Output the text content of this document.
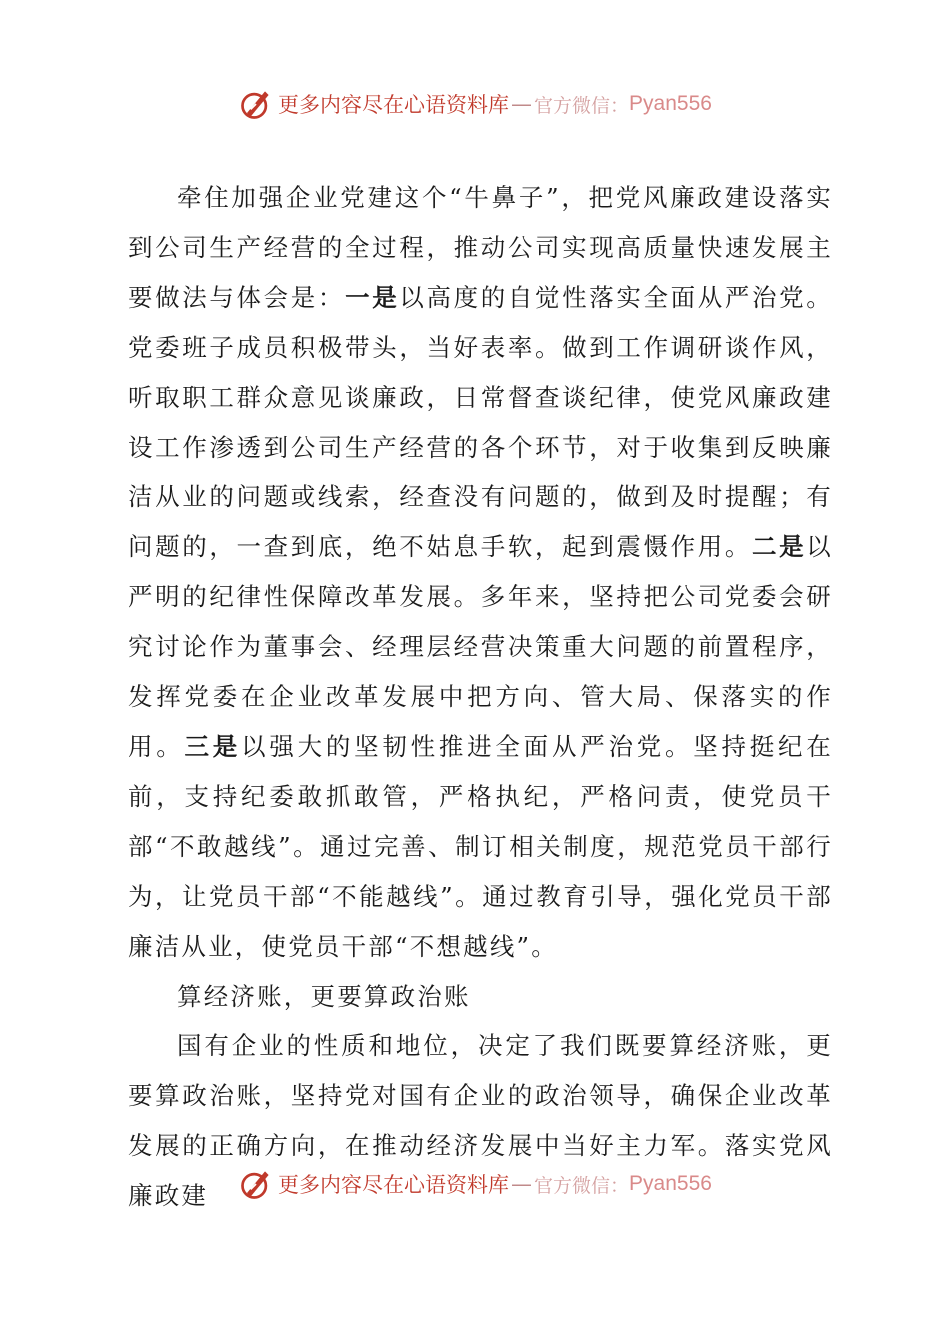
更多内容尽在心语资料库 — 官方微信： Pyan556

牵住加强企业党建这个“牛鼻子”，把党风廉政建设落实到公司生产经营的全过程，推动公司实现高质量快速发展主要做法与体会是：一是以高度的自觉性落实全面从严治党。党委班子成员积极带头，当好表率。做到工作调研谈作风，听取职工群众意见谈廉政，日常督查谈纪律，使党风廉政建设工作渗透到公司生产经营的各个环节，对于收集到反映廉洁从业的问题或线索，经查没有问题的，做到及时提醒；有问题的，一查到底，绝不姑息手软，起到震慑作用。二是以严明的纪律性保障改革发展。多年来，坚持把公司党委会研究讨论作为董事会、经理层经营决策重大问题的前置程序，发挥党委在企业改革发展中把方向、管大局、保落实的作用。三是以强大的坚韧性推进全面从严治党。坚持挺纪在前，支持纪委敢抓敢管，严格执纪，严格问责，使党员干部“不敢越线”。通过完善、制订相关制度，规范党员干部行为，让党员干部“不能越线”。通过教育引导，强化党员干部廉洁从业，使党员干部“不想越线”。

算经济账，更要算政治账

国有企业的性质和地位，决定了我们既要算经济账，更要算政治账，坚持党对国有企业的政治领导，确保企业改革发展的正确方向，在推动经济发展中当好主力军。落实党风廉政建	更多内容尽在心语资料库 — 官方微信： Pyan556
